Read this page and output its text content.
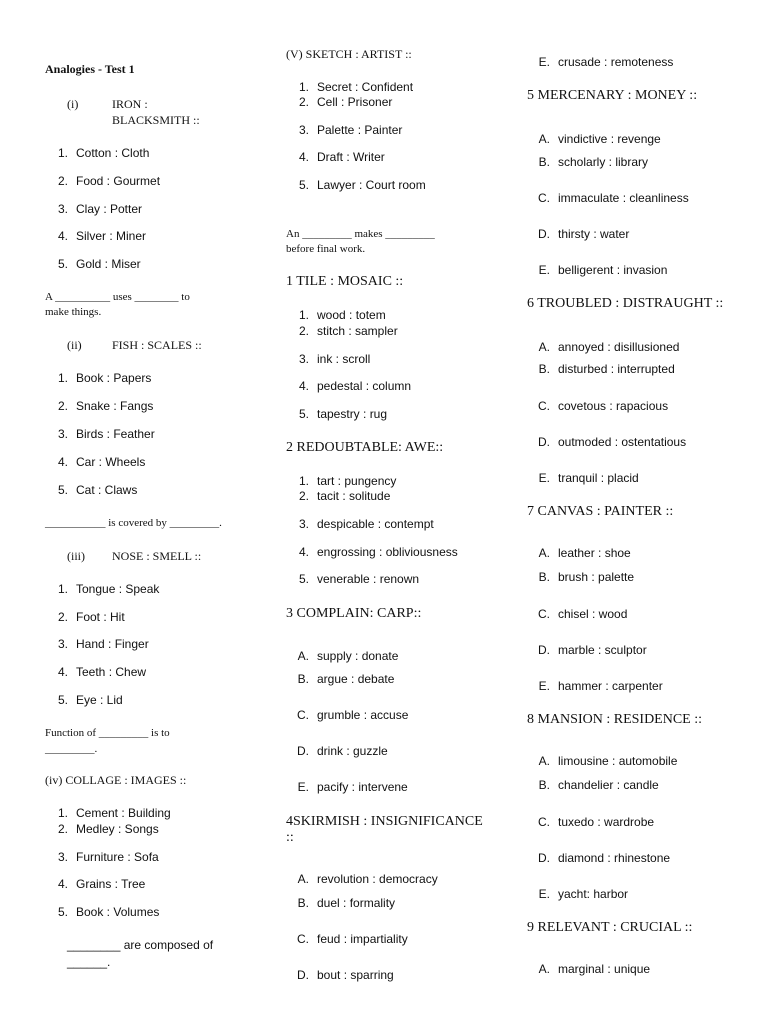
Analogies - Test 1
(i)	IRON :
BLACKSMITH ::
1. Cotton : Cloth
2. Food : Gourmet
3. Clay : Potter
4. Silver : Miner
5. Gold : Miser
A __________ uses ________ to
make things.
(ii)	FISH : SCALES ::
1. Book : Papers
2. Snake : Fangs
3. Birds : Feather
4. Car : Wheels
5. Cat : Claws
___________ is covered by _________.
(iii) NOSE : SMELL ::
1. Tongue : Speak
2. Foot : Hit
3. Hand : Finger
4. Teeth : Chew
5. Eye : Lid
Function of _________ is to
_________.
(iv) COLLAGE : IMAGES ::
1. Cement : Building
2. Medley : Songs
3. Furniture : Sofa
4. Grains : Tree
5. Book : Volumes
________ are composed of
______.
(V) SKETCH : ARTIST ::
1. Secret : Confident
2. Cell : Prisoner
3. Palette : Painter
4. Draft : Writer
5. Lawyer : Court room
An _________ makes _________
before final work.
1 TILE : MOSAIC ::
1. wood : totem
2. stitch : sampler
3. ink : scroll
4. pedestal : column
5. tapestry : rug
2 REDOUBTABLE: AWE::
1. tart : pungency
2. tacit : solitude
3. despicable : contempt
4. engrossing : obliviousness
5. venerable : renown
3 COMPLAIN: CARP::
A. supply : donate
B. argue : debate
C. grumble : accuse
D. drink : guzzle
E. pacify : intervene
4SKIRMISH : INSIGNIFICANCE
::
A. revolution : democracy
B. duel : formality
C. feud : impartiality
D. bout : sparring
E. crusade : remoteness
5 MERCENARY : MONEY ::
A. vindictive : revenge
B. scholarly : library
C. immaculate : cleanliness
D. thirsty : water
E. belligerent : invasion
6 TROUBLED : DISTRAUGHT ::
A. annoyed : disillusioned
B. disturbed : interrupted
C. covetous : rapacious
D. outmoded : ostentatious
E. tranquil : placid
7 CANVAS : PAINTER ::
A. leather : shoe
B. brush : palette
C. chisel : wood
D. marble : sculptor
E. hammer : carpenter
8 MANSION : RESIDENCE ::
A. limousine : automobile
B. chandelier : candle
C. tuxedo : wardrobe
D. diamond : rhinestone
E. yacht: harbor
9 RELEVANT : CRUCIAL ::
A. marginal : unique
